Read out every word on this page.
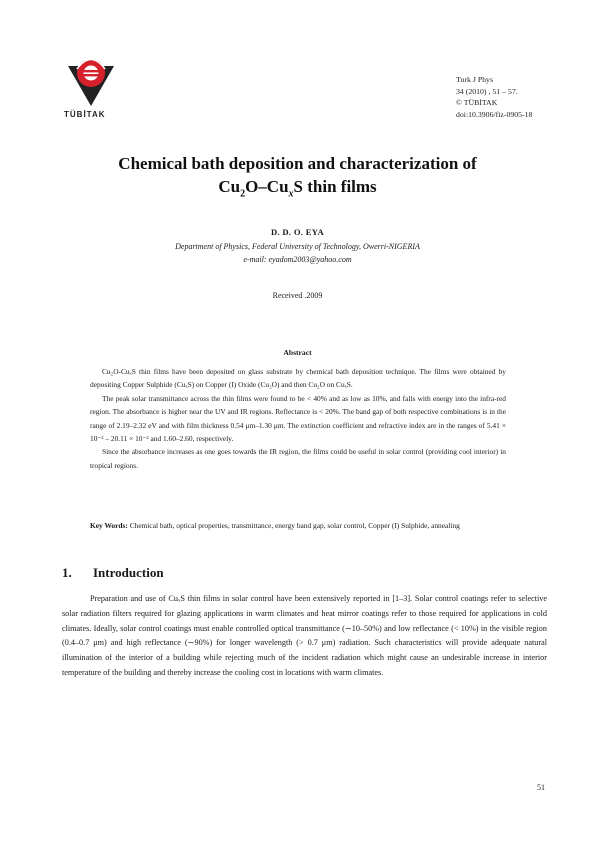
TÜBİTAK
Turk J Phys
34 (2010) , 51 – 57.
© TÜBİTAK
doi:10.3906/fiz-0905-18
Chemical bath deposition and characterization of
$Cu_2O-Cu_xS$ thin films
D. D. O. EYA
Department of Physics, Federal University of Technology, Owerri-NIGERIA
e-mail: eyadom2003@yahoo.com
Received .2009
Abstract

Cu₂O-CuₓS thin films have been deposited on glass substrate by chemical bath deposition technique. The films were obtained by depositing Copper Sulphide (CuₓS) on Copper (I) Oxide (Cu₂O) and then Cu₂O on CuₓS.

The peak solar transmittance across the thin films were found to be < 40% and as low as 10%, and falls with energy into the infra-red region. The absorbance is higher near the UV and IR regions. Reflectance is < 20%. The band gap of both respective combinations is in the range of 2.19–2.32 eV and with film thickness 0.54 μm–1.30 μm. The extinction coefficient and refractive index are in the ranges of 5.41 × 10⁻² – 20.11 × 10⁻² and 1.60–2.60, respectively.

Since the absorbance increases as one goes towards the IR region, the films could be useful in solar control (providing cool interior) in tropical regions.

Key Words: Chemical bath, optical properties, transmittance, energy band gap, solar control, Copper (I) Sulphide, annealing
1. Introduction

Preparation and use of CuₓS thin films in solar control have been extensively reported in [1–3]. Solar control coatings refer to selective solar radiation filters required for glazing applications in warm climates and heat mirror coatings refer to those required for applications in cold climates. Ideally, solar control coatings must enable controlled optical transmittance (∼10–50%) and low reflectance (< 10%) in the visible region (0.4–0.7 μm) and high reflectance (∼90%) for longer wavelength (> 0.7 μm) radiation. Such characteristics will provide adequate natural illumination of the interior of a building while rejecting much of the incident radiation which might cause an undesirable increase in interior temperature of the building and thereby increase the cooling cost in locations with warm climates.

51
